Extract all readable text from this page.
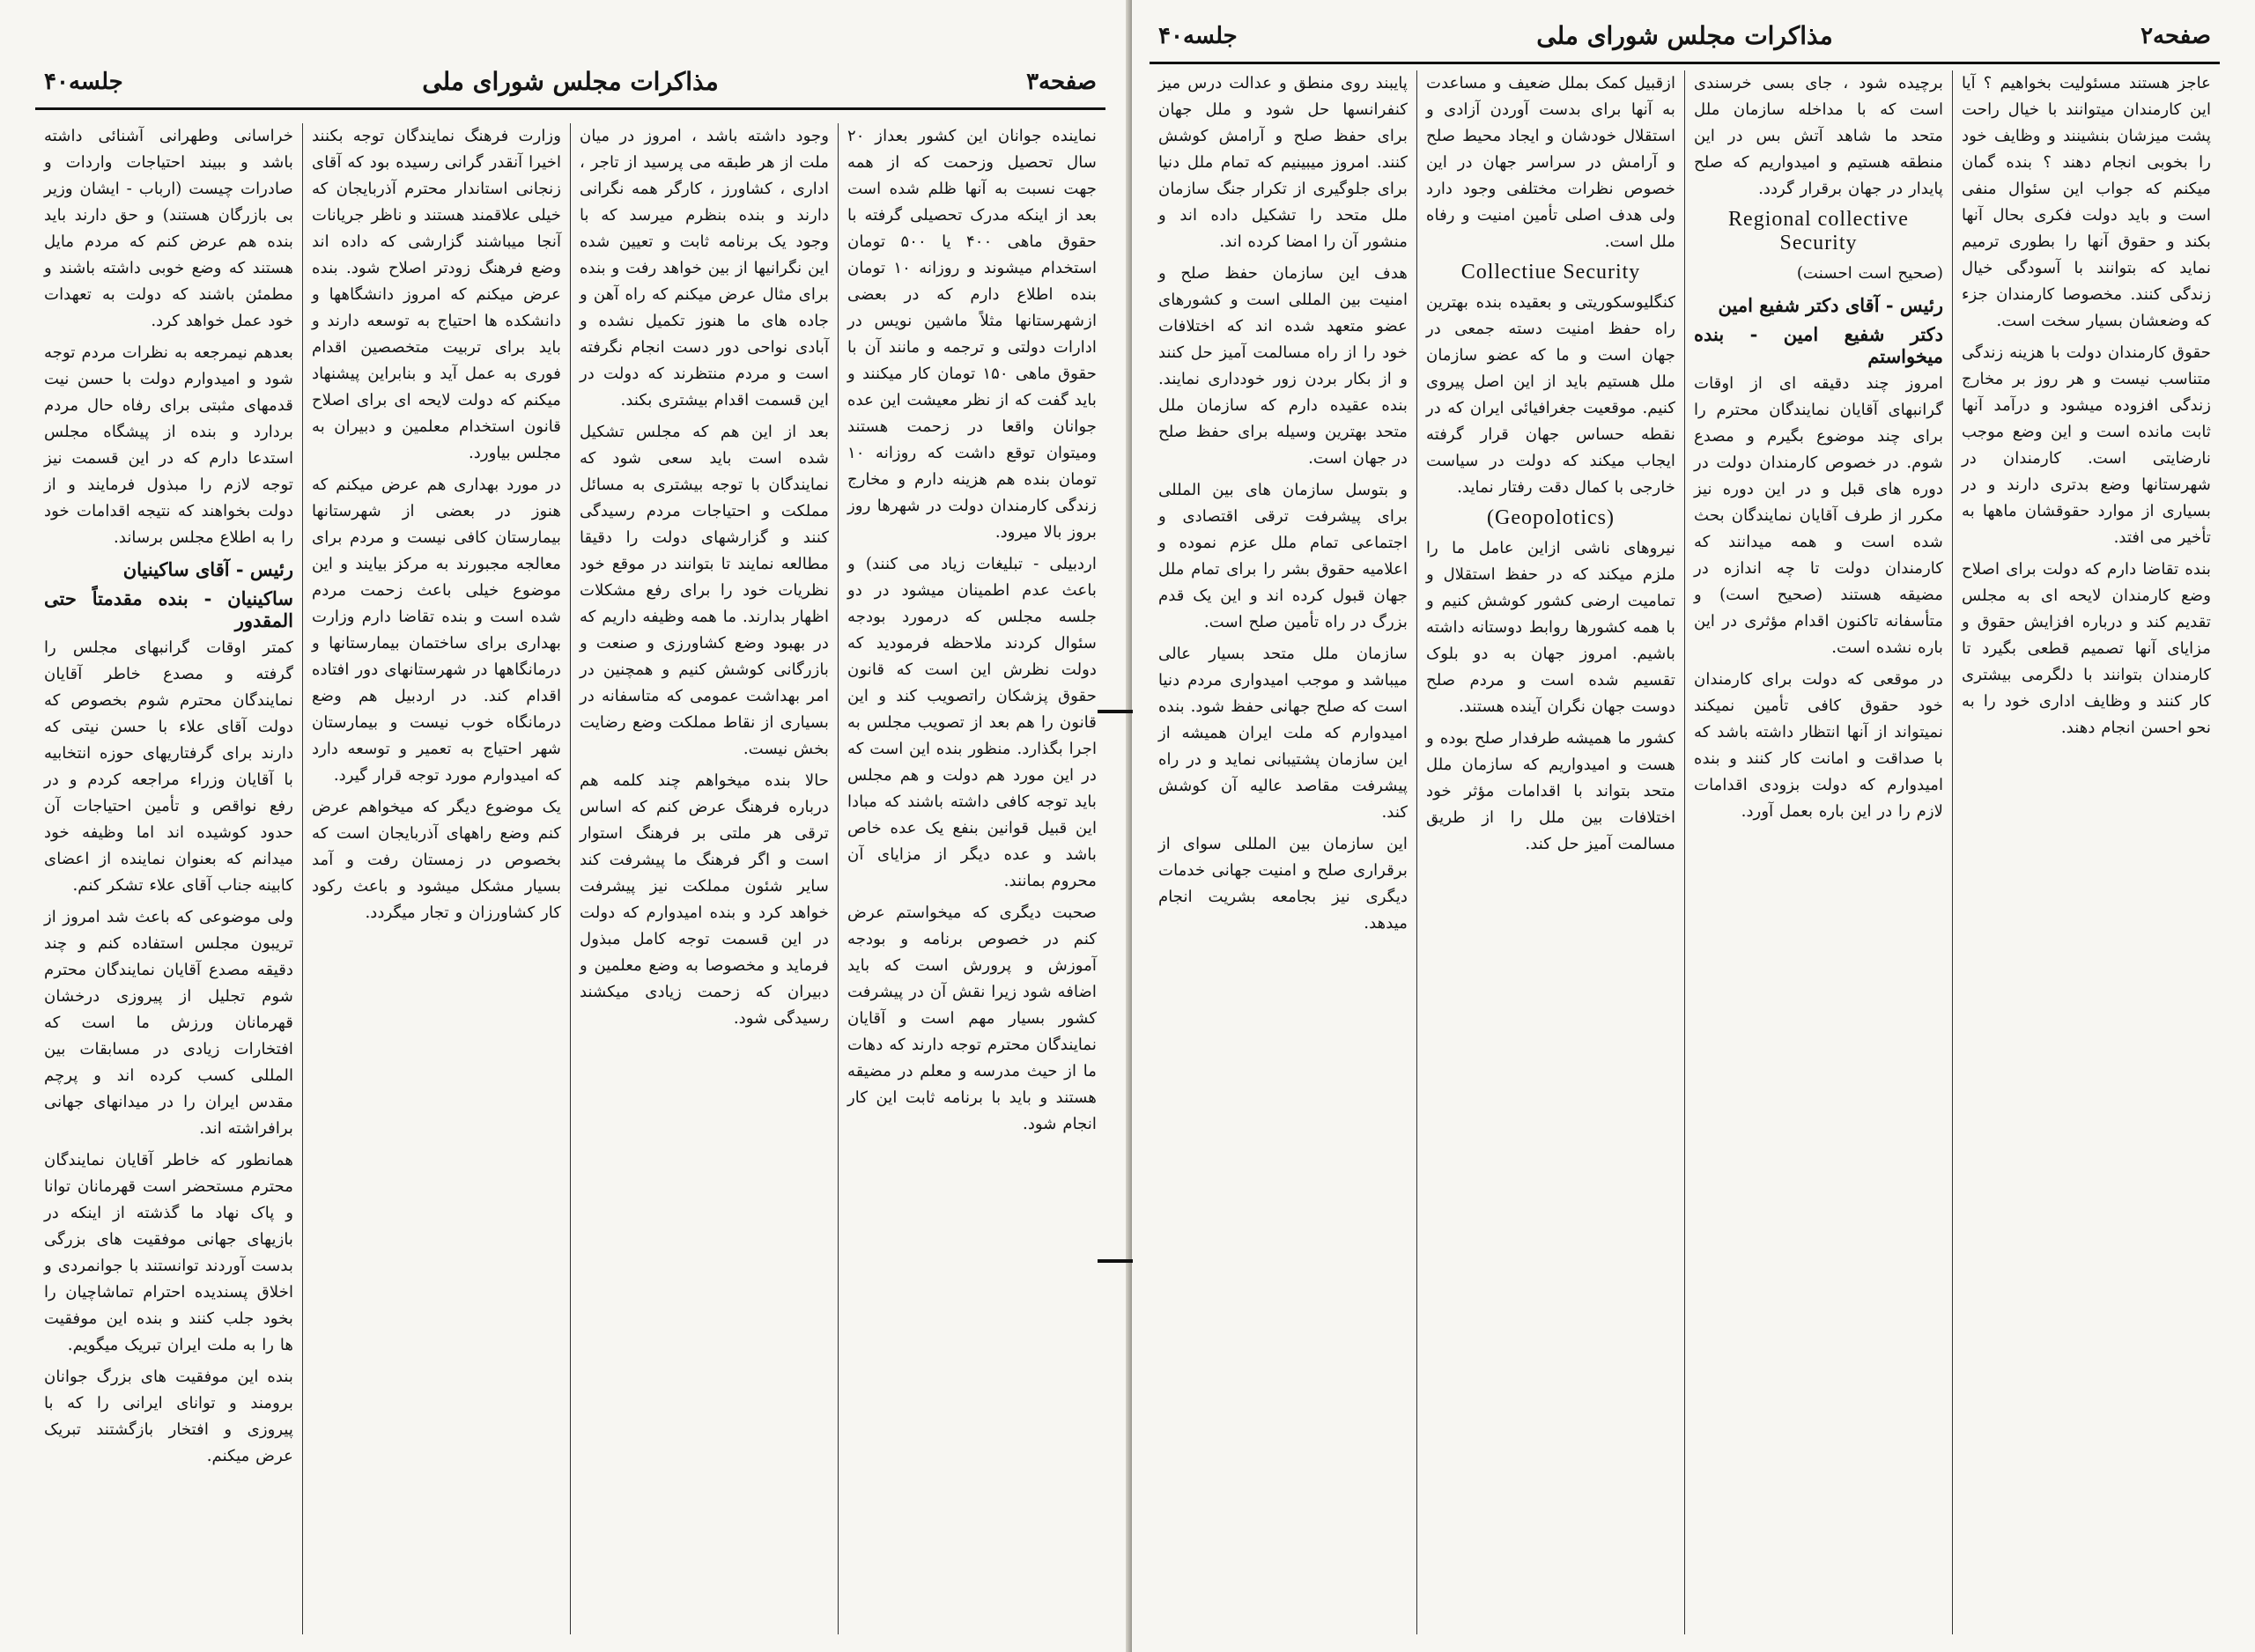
صفحه۳
مذاکرات مجلس شورای ملی
جلسه۴۰
نماینده جوانان این کشور بعداز ۲۰ سال تحصیل وزحمت که از همه جهت نسبت به آنها ظلم شده است بعد از اینکه مدرک تحصیلی گرفته با حقوق ماهی ۴۰۰ یا ۵۰۰ تومان استخدام میشوند و روزانه ۱۰ تومان بنده اطلاع دارم که در بعضی ازشهرستانها مثلاً ماشین نویس در ادارات دولتی و ترجمه و مانند آن با حقوق ماهی ۱۵۰ تومان کار میکنند و باید گفت که از نظر معیشت این عده جوانان واقعا در زحمت هستند ومیتوان توقع داشت که روزانه ۱۰ تومان بنده هم هزینه دارم و مخارج زندگی کارمندان دولت در شهرها روز بروز بالا میرود.
اردبیلی - تبلیغات زیاد می کنند) و باعث عدم اطمینان میشود در دو جلسه مجلس که درمورد بودجه سئوال کردند ملاحظه فرمودید که دولت نظرش این است که قانون حقوق پزشکان راتصویب کند و این قانون را هم بعد از تصویب مجلس به اجرا بگذارد. منظور بنده این است که در این مورد هم دولت و هم مجلس باید توجه کافی داشته باشند که مبادا این قبیل قوانین بنفع یک عده خاص باشد و عده دیگر از مزایای آن محروم بمانند.
صحبت دیگری که میخواستم عرض کنم در خصوص برنامه و بودجه آموزش و پرورش است که باید اضافه شود زیرا نقش آن در پیشرفت کشور بسیار مهم است و آقایان نمایندگان محترم توجه دارند که دهات ما از حیث مدرسه و معلم در مضیقه هستند و باید با برنامه ثابت این کار انجام شود.
وجود داشته باشد ، امروز در میان ملت از هر طبقه می پرسید از تاجر ، اداری ، کشاورز ، کارگر همه نگرانی دارند و بنده بنظرم میرسد که با وجود یک برنامه ثابت و تعیین شده این نگرانیها از بین خواهد رفت و بنده برای مثال عرض میکنم که راه آهن و جاده های ما هنوز تکمیل نشده و آبادی نواحی دور دست انجام نگرفته است و مردم منتظرند که دولت در این قسمت اقدام بیشتری بکند.
بعد از این هم که مجلس تشکیل شده است باید سعی شود که نمایندگان با توجه بیشتری به مسائل مملکت و احتیاجات مردم رسیدگی کنند و گزارشهای دولت را دقیقا مطالعه نمایند تا بتوانند در موقع خود نظریات خود را برای رفع مشکلات اظهار بدارند. ما همه وظیفه داریم که در بهبود وضع کشاورزی و صنعت و بازرگانی کوشش کنیم و همچنین در امر بهداشت عمومی که متاسفانه در بسیاری از نقاط مملکت وضع رضایت بخش نیست.
حالا بنده میخواهم چند کلمه هم درباره فرهنگ عرض کنم که اساس ترقی هر ملتی بر فرهنگ استوار است و اگر فرهنگ ما پیشرفت کند سایر شئون مملکت نیز پیشرفت خواهد کرد و بنده امیدوارم که دولت در این قسمت توجه کامل مبذول فرماید و مخصوصا به وضع معلمین و دبیران که زحمت زیادی میکشند رسیدگی شود.
وزارت فرهنگ نمایندگان توجه بکنند اخیرا آنقدر گرانی رسیده بود که آقای زنجانی استاندار محترم آذربایجان که خیلی علاقمند هستند و ناظر جریانات آنجا میباشند گزارشی که داده اند وضع فرهنگ زودتر اصلاح شود. بنده عرض میکنم که امروز دانشگاهها و دانشکده ها احتیاج به توسعه دارند و باید برای تربیت متخصصین اقدام فوری به عمل آید و بنابراین پیشنهاد میکنم که دولت لایحه ای برای اصلاح قانون استخدام معلمین و دبیران به مجلس بیاورد.
در مورد بهداری هم عرض میکنم که هنوز در بعضی از شهرستانها بیمارستان کافی نیست و مردم برای معالجه مجبورند به مرکز بیایند و این موضوع خیلی باعث زحمت مردم شده است و بنده تقاضا دارم وزارت بهداری برای ساختمان بیمارستانها و درمانگاهها در شهرستانهای دور افتاده اقدام کند. در اردبیل هم وضع درمانگاه خوب نیست و بیمارستان شهر احتیاج به تعمیر و توسعه دارد که امیدوارم مورد توجه قرار گیرد.
یک موضوع دیگر که میخواهم عرض کنم وضع راههای آذربایجان است که بخصوص در زمستان رفت و آمد بسیار مشکل میشود و باعث رکود کار کشاورزان و تجار میگردد.
خراسانی وطهرانی آشنائی داشته باشد و ببیند احتیاجات واردات و صادرات چیست (ارباب - ایشان وزیر بی بازرگان هستند) و حق دارند باید بنده هم عرض کنم که مردم مایل هستند که وضع خوبی داشته باشند و مطمئن باشند که دولت به تعهدات خود عمل خواهد کرد.
بعدهم نیمرجعه به نظرات مردم توجه شود و امیدوارم دولت با حسن نیت قدمهای مثبتی برای رفاه حال مردم بردارد و بنده از پیشگاه مجلس استدعا دارم که در این قسمت نیز توجه لازم را مبذول فرمایند و از دولت بخواهند که نتیجه اقدامات خود را به اطلاع مجلس برساند.
رئیس - آقای ساکینیان
ساکینیان - بنده مقدمتاً حتی المقدور
کمتر اوقات گرانبهای مجلس را گرفته و مصدع خاطر آقایان نمایندگان محترم شوم بخصوص که دولت آقای علاء با حسن نیتی که دارند برای گرفتاریهای حوزه انتخابیه با آقایان وزراء مراجعه کردم و در رفع نواقص و تأمین احتیاجات آن حدود کوشیده اند اما وظیفه خود میدانم که بعنوان نماینده از اعضای کابینه جناب آقای علاء تشکر کنم.
ولی موضوعی که باعث شد امروز از تریبون مجلس استفاده کنم و چند دقیقه مصدع آقایان نمایندگان محترم شوم تجلیل از پیروزی درخشان قهرمانان ورزش ما است که افتخارات زیادی در مسابقات بین المللی کسب کرده اند و پرچم مقدس ایران را در میدانهای جهانی برافراشته اند.
همانطور که خاطر آقایان نمایندگان محترم مستحضر است قهرمانان توانا و پاک نهاد ما گذشته از اینکه در بازیهای جهانی موفقیت های بزرگی بدست آوردند توانستند با جوانمردی و اخلاق پسندیده احترام تماشاچیان را بخود جلب کنند و بنده این موفقیت ها را به ملت ایران تبریک میگویم.
بنده این موفقیت های بزرگ جوانان برومند و توانای ایرانی را که با پیروزی و افتخار بازگشتند تبریک عرض میکنم.
صفحه۲
مذاکرات مجلس شورای ملی
جلسه۴۰
عاجز هستند مسئولیت بخواهیم ؟ آیا این کارمندان میتوانند با خیال راحت پشت میزشان بنشینند و وظایف خود را بخوبی انجام دهند ؟ بنده گمان میکنم که جواب این سئوال منفی است و باید دولت فکری بحال آنها بکند و حقوق آنها را بطوری ترمیم نماید که بتوانند با آسودگی خیال زندگی کنند. مخصوصا کارمندان جزء که وضعشان بسیار سخت است.
حقوق کارمندان دولت با هزینه زندگی متناسب نیست و هر روز بر مخارج زندگی افزوده میشود و درآمد آنها ثابت مانده است و این وضع موجب نارضایتی است. کارمندان در شهرستانها وضع بدتری دارند و در بسیاری از موارد حقوقشان ماهها به تأخیر می افتد.
بنده تقاضا دارم که دولت برای اصلاح وضع کارمندان لایحه ای به مجلس تقدیم کند و درباره افزایش حقوق و مزایای آنها تصمیم قطعی بگیرد تا کارمندان بتوانند با دلگرمی بیشتری کار کنند و وظایف اداری خود را به نحو احسن انجام دهند.
برچیده شود ، جای بسی خرسندی است که با مداخله سازمان ملل متحد ما شاهد آتش بس در این منطقه هستیم و امیدواریم که صلح پایدار در جهان برقرار گردد.
Regional collective Security
(صحیح است احسنت)
رئیس - آقای دکتر شفیع امین
دکتر شفیع امین - بنده میخواستم
امروز چند دقیقه ای از اوقات گرانبهای آقایان نمایندگان محترم را برای چند موضوع بگیرم و مصدع شوم. در خصوص کارمندان دولت در دوره های قبل و در این دوره نیز مکرر از طرف آقایان نمایندگان بحث شده است و همه میدانند که کارمندان دولت تا چه اندازه در مضیقه هستند (صحیح است) و متأسفانه تاکنون اقدام مؤثری در این باره نشده است.
در موقعی که دولت برای کارمندان خود حقوق کافی تأمین نمیکند نمیتواند از آنها انتظار داشته باشد که با صداقت و امانت کار کنند و بنده امیدوارم که دولت بزودی اقدامات لازم را در این باره بعمل آورد.
ازقبیل کمک بملل ضعیف و مساعدت به آنها برای بدست آوردن آزادی و استقلال خودشان و ایجاد محیط صلح و آرامش در سراسر جهان در این خصوص نظرات مختلفی وجود دارد ولی هدف اصلی تأمین امنیت و رفاه ملل است.
Collectiue Security
کنگلیوسکوریتی و بعقیده بنده بهترین راه حفظ امنیت دسته جمعی در جهان است و ما که عضو سازمان ملل هستیم باید از این اصل پیروی کنیم. موقعیت جغرافیائی ایران که در نقطه حساس جهان قرار گرفته ایجاب میکند که دولت در سیاست خارجی با کمال دقت رفتار نماید.
(Geopolotics)
نیروهای ناشی ازاین عامل ما را ملزم میکند که در حفظ استقلال و تمامیت ارضی کشور کوشش کنیم و با همه کشورها روابط دوستانه داشته باشیم. امروز جهان به دو بلوک تقسیم شده است و مردم صلح دوست جهان نگران آینده هستند.
کشور ما همیشه طرفدار صلح بوده و هست و امیدواریم که سازمان ملل متحد بتواند با اقدامات مؤثر خود اختلافات بین ملل را از طریق مسالمت آمیز حل کند.
پایبند روی منطق و عدالت درس میز کنفرانسها حل شود و ملل جهان برای حفظ صلح و آرامش کوشش کنند. امروز میبینیم که تمام ملل دنیا برای جلوگیری از تکرار جنگ سازمان ملل متحد را تشکیل داده اند و منشور آن را امضا کرده اند.
هدف این سازمان حفظ صلح و امنیت بین المللی است و کشورهای عضو متعهد شده اند که اختلافات خود را از راه مسالمت آمیز حل کنند و از بکار بردن زور خودداری نمایند. بنده عقیده دارم که سازمان ملل متحد بهترین وسیله برای حفظ صلح در جهان است.
و بتوسل سازمان های بین المللی برای پیشرفت ترقی اقتصادی و اجتماعی تمام ملل عزم نموده و اعلامیه حقوق بشر را برای تمام ملل جهان قبول کرده اند و این یک قدم بزرگ در راه تأمین صلح است.
سازمان ملل متحد بسیار عالی میباشد و موجب امیدواری مردم دنیا است که صلح جهانی حفظ شود. بنده امیدوارم که ملت ایران همیشه از این سازمان پشتیبانی نماید و در راه پیشرفت مقاصد عالیه آن کوشش کند.
این سازمان بین المللی سوای از برقراری صلح و امنیت جهانی خدمات دیگری نیز بجامعه بشریت انجام میدهد.
